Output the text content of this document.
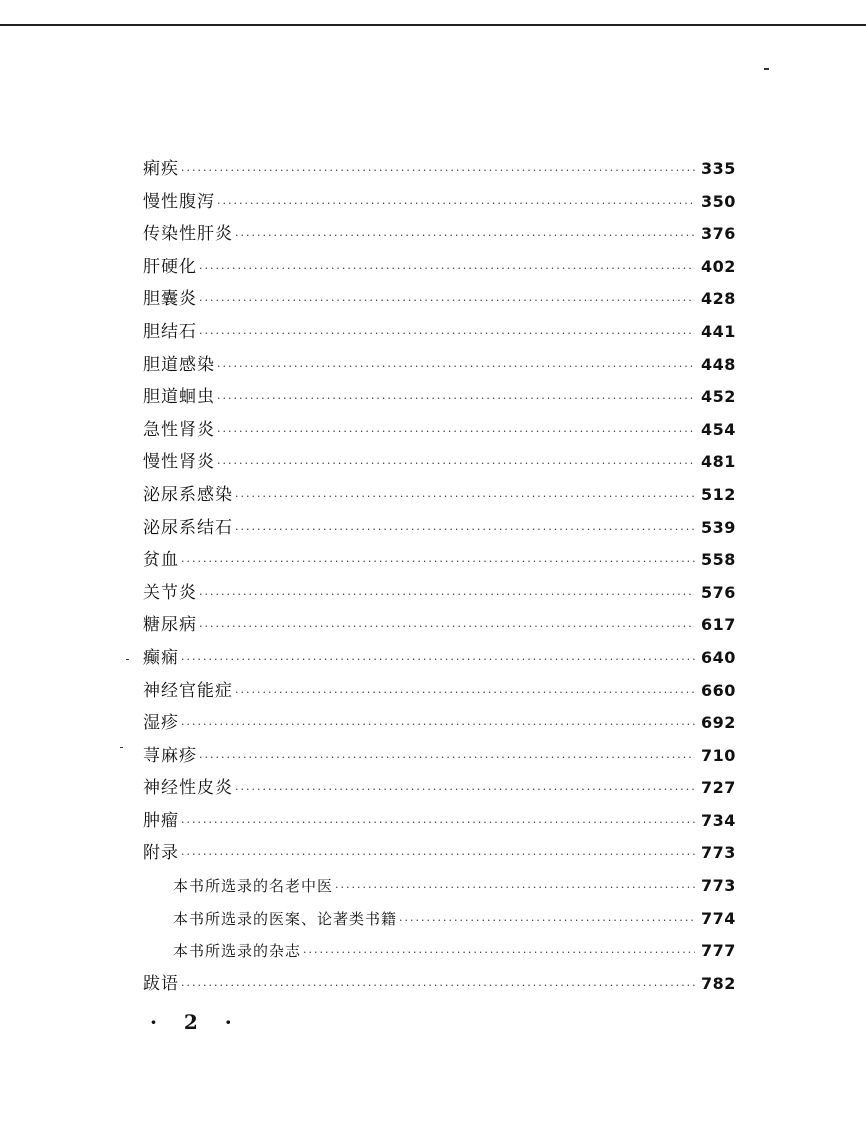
痢疾 ·····	335
慢性腹泻 ·····	350
传染性肝炎 ·····	376
肝硬化 ·····	402
胆囊炎 ·····	428
胆结石 ·····	441
胆道感染 ·····	448
胆道蛔虫 ·····	452
急性肾炎 ·····	454
慢性肾炎 ·····	481
泌尿系感染 ·····	512
泌尿系结石 ·····	539
贫血 ·····	558
关节炎 ·····	576
糖尿病 ·····	617
癫痫 ·····	640
神经官能症 ·····	660
湿疹 ·····	692
荨麻疹 ·····	710
神经性皮炎 ·····	727
肿瘤 ·····	734
附录 ·····	773
本书所选录的名老中医 ·····	773
本书所选录的医案、论著类书籍 ·····	774
本书所选录的杂志 ·····	777
跋语 ·····	782
· 2 ·
